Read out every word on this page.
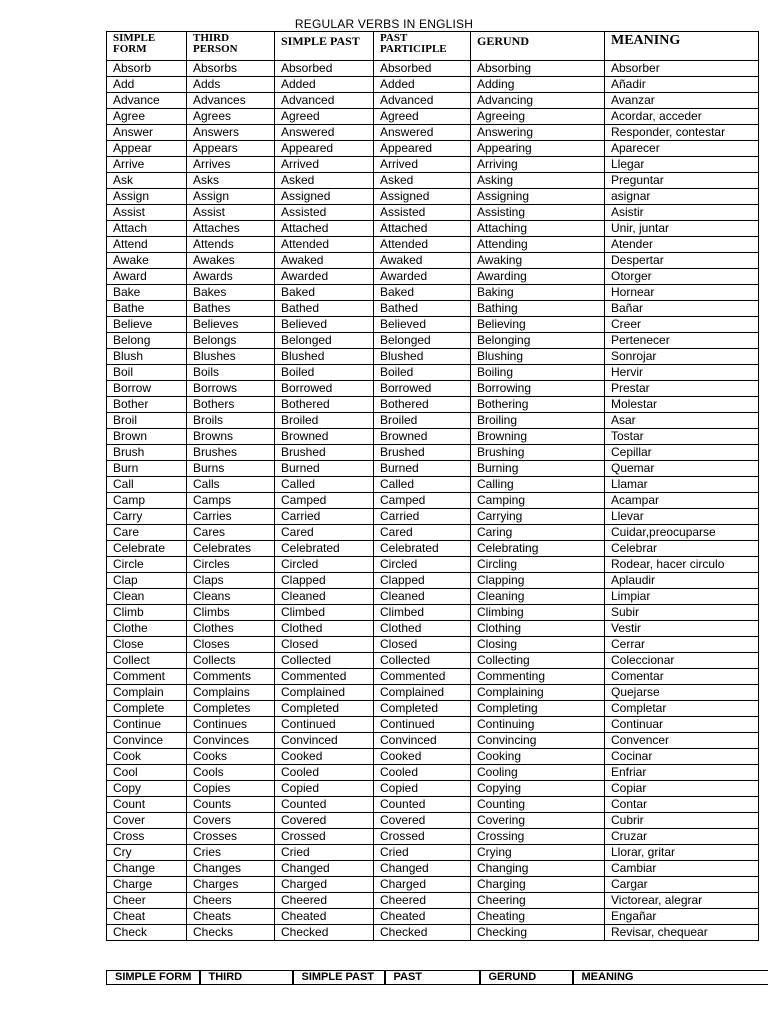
REGULAR VERBS IN ENGLISH
SIMPLE FORM	THIRD PERSON	SIMPLE PAST	PAST PARTICIPLE	GERUND	MEANING
Absorb	Absorbs	Absorbed	Absorbed	Absorbing	Absorber
Add	Adds	Added	Added	Adding	Añadir
Advance	Advances	Advanced	Advanced	Advancing	Avanzar
Agree	Agrees	Agreed	Agreed	Agreeing	Acordar, acceder
Answer	Answers	Answered	Answered	Answering	Responder, contestar
Appear	Appears	Appeared	Appeared	Appearing	Aparecer
Arrive	Arrives	Arrived	Arrived	Arriving	Llegar
Ask	Asks	Asked	Asked	Asking	Preguntar
Assign	Assign	Assigned	Assigned	Assigning	asignar
Assist	Assist	Assisted	Assisted	Assisting	Asistir
Attach	Attaches	Attached	Attached	Attaching	Unir, juntar
Attend	Attends	Attended	Attended	Attending	Atender
Awake	Awakes	Awaked	Awaked	Awaking	Despertar
Award	Awards	Awarded	Awarded	Awarding	Otorger
Bake	Bakes	Baked	Baked	Baking	Hornear
Bathe	Bathes	Bathed	Bathed	Bathing	Bañar
Believe	Believes	Believed	Believed	Believing	Creer
Belong	Belongs	Belonged	Belonged	Belonging	Pertenecer
Blush	Blushes	Blushed	Blushed	Blushing	Sonrojar
Boil	Boils	Boiled	Boiled	Boiling	Hervir
Borrow	Borrows	Borrowed	Borrowed	Borrowing	Prestar
Bother	Bothers	Bothered	Bothered	Bothering	Molestar
Broil	Broils	Broiled	Broiled	Broiling	Asar
Brown	Browns	Browned	Browned	Browning	Tostar
Brush	Brushes	Brushed	Brushed	Brushing	Cepillar
Burn	Burns	Burned	Burned	Burning	Quemar
Call	Calls	Called	Called	Calling	Llamar
Camp	Camps	Camped	Camped	Camping	Acampar
Carry	Carries	Carried	Carried	Carrying	Llevar
Care	Cares	Cared	Cared	Caring	Cuidar,preocuparse
Celebrate	Celebrates	Celebrated	Celebrated	Celebrating	Celebrar
Circle	Circles	Circled	Circled	Circling	Rodear, hacer circulo
Clap	Claps	Clapped	Clapped	Clapping	Aplaudir
Clean	Cleans	Cleaned	Cleaned	Cleaning	Limpiar
Climb	Climbs	Climbed	Climbed	Climbing	Subir
Clothe	Clothes	Clothed	Clothed	Clothing	Vestir
Close	Closes	Closed	Closed	Closing	Cerrar
Collect	Collects	Collected	Collected	Collecting	Coleccionar
Comment	Comments	Commented	Commented	Commenting	Comentar
Complain	Complains	Complained	Complained	Complaining	Quejarse
Complete	Completes	Completed	Completed	Completing	Completar
Continue	Continues	Continued	Continued	Continuing	Continuar
Convince	Convinces	Convinced	Convinced	Convincing	Convencer
Cook	Cooks	Cooked	Cooked	Cooking	Cocinar
Cool	Cools	Cooled	Cooled	Cooling	Enfriar
Copy	Copies	Copied	Copied	Copying	Copiar
Count	Counts	Counted	Counted	Counting	Contar
Cover	Covers	Covered	Covered	Covering	Cubrir
Cross	Crosses	Crossed	Crossed	Crossing	Cruzar
Cry	Cries	Cried	Cried	Crying	Llorar, gritar
Change	Changes	Changed	Changed	Changing	Cambiar
Charge	Charges	Charged	Charged	Charging	Cargar
Cheer	Cheers	Cheered	Cheered	Cheering	Victorear, alegrar
Cheat	Cheats	Cheated	Cheated	Cheating	Engañar
Check	Checks	Checked	Checked	Checking	Revisar, chequear
SIMPLE FORM	THIRD	SIMPLE PAST	PAST	GERUND	MEANING
